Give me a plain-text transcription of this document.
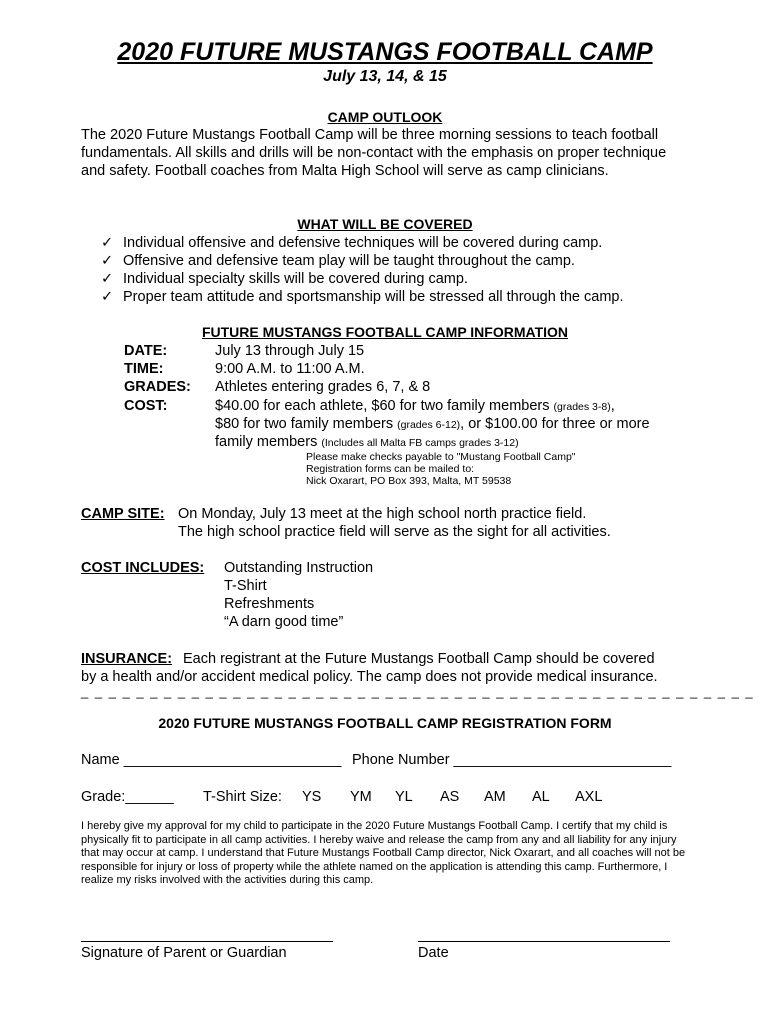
2020 FUTURE MUSTANGS FOOTBALL CAMP
July 13, 14, & 15
CAMP OUTLOOK
The 2020 Future Mustangs Football Camp will be three morning sessions to teach football fundamentals. All skills and drills will be non-contact with the emphasis on proper technique and safety. Football coaches from Malta High School will serve as camp clinicians.
WHAT WILL BE COVERED
✓ Individual offensive and defensive techniques will be covered during camp.
✓ Offensive and defensive team play will be taught throughout the camp.
✓ Individual specialty skills will be covered during camp.
✓ Proper team attitude and sportsmanship will be stressed all through the camp.
FUTURE MUSTANGS FOOTBALL CAMP INFORMATION
DATE:	July 13 through July 15
TIME:	9:00 A.M. to 11:00 A.M.
GRADES: Athletes entering grades 6, 7, & 8
COST:	$40.00 for each athlete, $60 for two family members (grades 3-8),
$80 for two family members (grades 6-12), or $100.00 for three or more
family members (Includes all Malta FB camps grades 3-12)
Please make checks payable to "Mustang Football Camp"
Registration forms can be mailed to:
Nick Oxarart, PO Box 393, Malta, MT 59538
CAMP SITE: On Monday, July 13 meet at the high school north practice field.
The high school practice field will serve as the sight for all activities.
COST INCLUDES: Outstanding Instruction
T-Shirt
Refreshments
“A darn good time”
INSURANCE: Each registrant at the Future Mustangs Football Camp should be covered
by a health and/or accident medical policy. The camp does not provide medical insurance.
_ _ _ _ _ _ _ _ _ _ _ _ _ _ _ _ _ _ _ _ _ _ _ _ _ _ _ _ _ _ _ _ _ _ _ _ _ _ _ _ _ _ _ _ _ _ _ _ _
2020 FUTURE MUSTANGS FOOTBALL CAMP REGISTRATION FORM
Name ___________________________ Phone Number ___________________________
Grade:______ T-Shirt Size: YS YM YL AS AM AL AXL
I hereby give my approval for my child to participate in the 2020 Future Mustangs Football Camp. I certify that my child is physically fit to participate in all camp activities. I hereby waive and release the camp from any and all liability for any injury that may occur at camp. I understand that Future Mustangs Football Camp director, Nick Oxarart, and all coaches will not be responsible for injury or loss of property while the athlete named on the application is attending this camp. Furthermore, I realize my risks involved with the activities during this camp.
Signature of Parent or Guardian	Date
